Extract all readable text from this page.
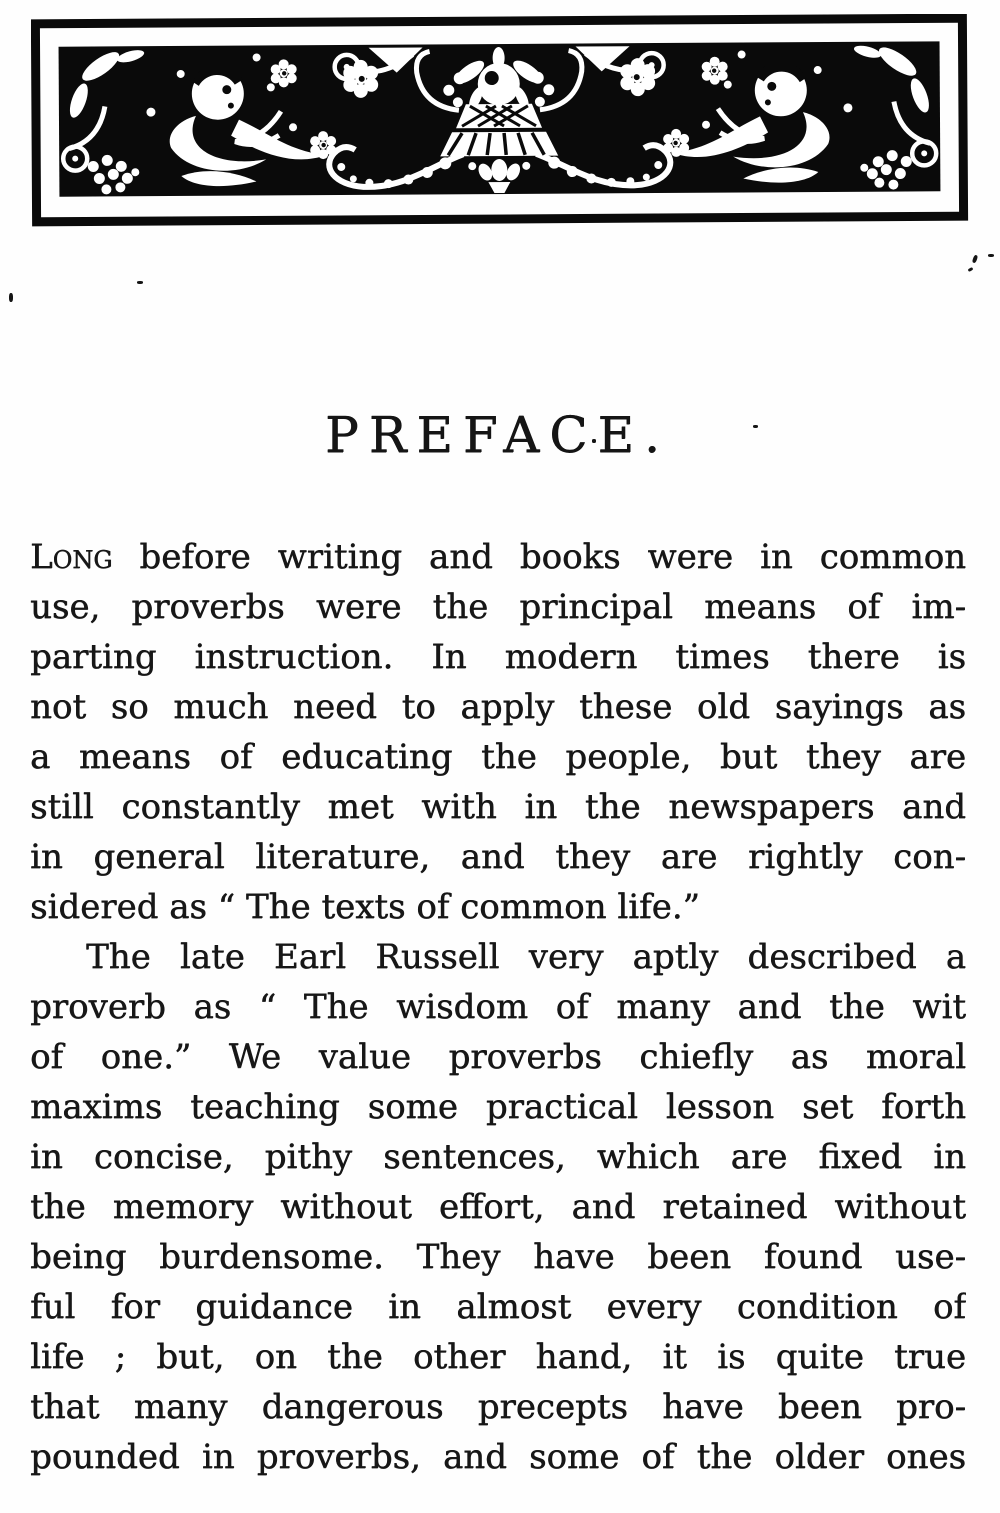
PREFACE.
Long before writing and books were in common
use, proverbs were the principal means of im-
parting instruction. In modern times there is
not so much need to apply these old sayings as
a means of educating the people, but they are
still constantly met with in the newspapers and
in general literature, and they are rightly con-
sidered as “ The texts of common life.”
The late Earl Russell very aptly described a
proverb as “ The wisdom of many and the wit
of one.” We value proverbs chiefly as moral
maxims teaching some practical lesson set forth
in concise, pithy sentences, which are fixed in
the memory without effort, and retained without
being burdensome. They have been found use-
ful for guidance in almost every condition of
life ; but, on the other hand, it is quite true
that many dangerous precepts have been pro-
pounded in proverbs, and some of the older ones
